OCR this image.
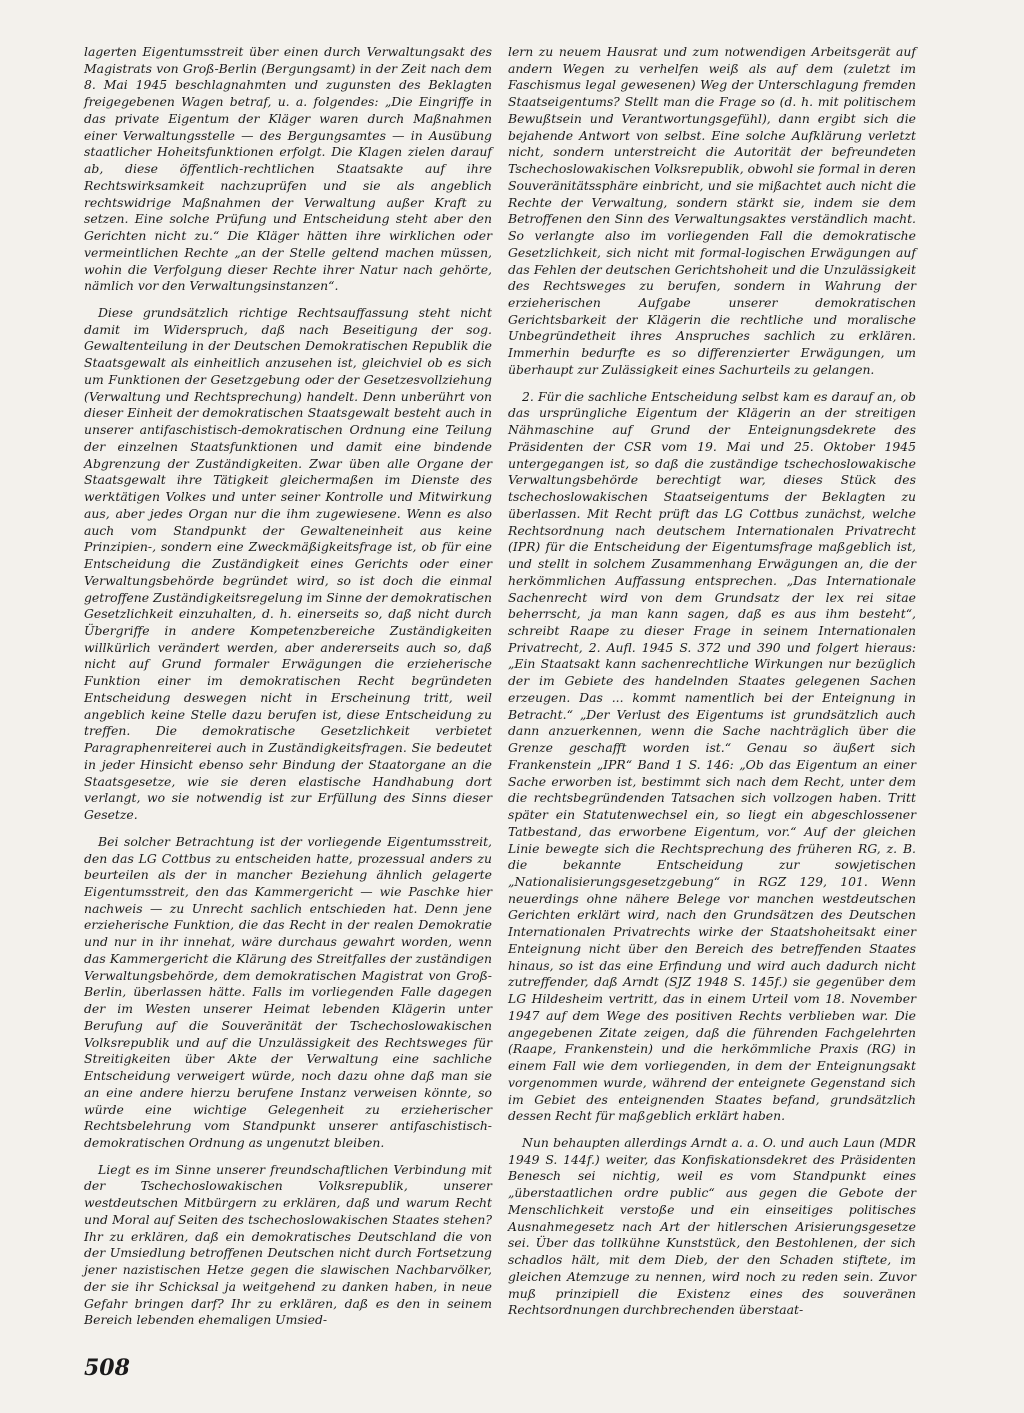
lagerten Eigentumsstreit über einen durch Verwaltungsakt des Magistrats von Groß-Berlin (Bergungsamt) in der Zeit nach dem 8. Mai 1945 beschlagnahmten und zugunsten des Beklagten freigegebenen Wagen betraf, u. a. folgendes: „Die Eingriffe in das private Eigentum der Kläger waren durch Maßnahmen einer Verwaltungsstelle — des Bergungsamtes — in Ausübung staatlicher Hoheitsfunktionen erfolgt. Die Klagen zielen darauf ab, diese öffentlich-rechtlichen Staatsakte auf ihre Rechtswirksamkeit nachzuprüfen und sie als angeblich rechtswidrige Maßnahmen der Verwaltung außer Kraft zu setzen. Eine solche Prüfung und Entscheidung steht aber den Gerichten nicht zu.“ Die Kläger hätten ihre wirklichen oder vermeintlichen Rechte „an der Stelle geltend machen müssen, wohin die Verfolgung dieser Rechte ihrer Natur nach gehörte, nämlich vor den Verwaltungsinstanzen“.

Diese grundsätzlich richtige Rechtsauffassung steht nicht damit im Widerspruch, daß nach Beseitigung der sog. Gewaltenteilung in der Deutschen Demokratischen Republik die Staatsgewalt als einheitlich anzusehen ist, gleichviel ob es sich um Funktionen der Gesetzgebung oder der Gesetzesvollziehung (Verwaltung und Rechtsprechung) handelt. Denn unberührt von dieser Einheit der demokratischen Staatsgewalt besteht auch in unserer antifaschistisch-demokratischen Ordnung eine Teilung der einzelnen Staatsfunktionen und damit eine bindende Abgrenzung der Zuständigkeiten. Zwar üben alle Organe der Staatsgewalt ihre Tätigkeit gleichermaßen im Dienste des werktätigen Volkes und unter seiner Kontrolle und Mitwirkung aus, aber jedes Organ nur die ihm zugewiesene. Wenn es also auch vom Standpunkt der Gewalteneinheit aus keine Prinzipien-, sondern eine Zweckmäßigkeitsfrage ist, ob für eine Entscheidung die Zuständigkeit eines Gerichts oder einer Verwaltungsbehörde begründet wird, so ist doch die einmal getroffene Zuständigkeitsregelung im Sinne der demokratischen Gesetzlichkeit einzuhalten, d. h. einerseits so, daß nicht durch Übergriffe in andere Kompetenzbereiche Zuständigkeiten willkürlich verändert werden, aber andererseits auch so, daß nicht auf Grund formaler Erwägungen die erzieherische Funktion einer im demokratischen Recht begründeten Entscheidung deswegen nicht in Erscheinung tritt, weil angeblich keine Stelle dazu berufen ist, diese Entscheidung zu treffen. Die demokratische Gesetzlichkeit verbietet Paragraphenreiterei auch in Zuständigkeitsfragen. Sie bedeutet in jeder Hinsicht ebenso sehr Bindung der Staatorgane an die Staatsgesetze, wie sie deren elastische Handhabung dort verlangt, wo sie notwendig ist zur Erfüllung des Sinns dieser Gesetze.

Bei solcher Betrachtung ist der vorliegende Eigentumsstreit, den das LG Cottbus zu entscheiden hatte, prozessual anders zu beurteilen als der in mancher Beziehung ähnlich gelagerte Eigentumsstreit, den das Kammergericht — wie Paschke hier nachweis — zu Unrecht sachlich entschieden hat. Denn jene erzieherische Funktion, die das Recht in der realen Demokratie und nur in ihr innehat, wäre durchaus gewahrt worden, wenn das Kammergericht die Klärung des Streitfalles der zuständigen Verwaltungsbehörde, dem demokratischen Magistrat von Groß-Berlin, überlassen hätte. Falls im vorliegenden Falle dagegen der im Westen unserer Heimat lebenden Klägerin unter Berufung auf die Souveränität der Tschechoslowakischen Volksrepublik und auf die Unzulässigkeit des Rechtsweges für Streitigkeiten über Akte der Verwaltung eine sachliche Entscheidung verweigert würde, noch dazu ohne daß man sie an eine andere hierzu berufene Instanz verweisen könnte, so würde eine wichtige Gelegenheit zu erzieherischer Rechtsbelehrung vom Standpunkt unserer antifaschistisch-demokratischen Ordnung as ungenutzt bleiben.

Liegt es im Sinne unserer freundschaftlichen Verbindung mit der Tschechoslowakischen Volksrepublik, unserer westdeutschen Mitbürgern zu erklären, daß und warum Recht und Moral auf Seiten des tschechoslowakischen Staates stehen? Ihr zu erklären, daß ein demokratisches Deutschland die von der Umsiedlung betroffenen Deutschen nicht durch Fortsetzung jener nazistischen Hetze gegen die slawischen Nachbarvölker, der sie ihr Schicksal ja weitgehend zu danken haben, in neue Gefahr bringen darf? Ihr zu erklären, daß es den in seinem Bereich lebenden ehemaligen Umsied-

lern zu neuem Hausrat und zum notwendigen Arbeitsgerät auf andern Wegen zu verhelfen weiß als auf dem (zuletzt im Faschismus legal gewesenen) Weg der Unterschlagung fremden Staatseigentums? Stellt man die Frage so (d. h. mit politischem Bewußtsein und Verantwortungsgefühl), dann ergibt sich die bejahende Antwort von selbst. Eine solche Aufklärung verletzt nicht, sondern unterstreicht die Autorität der befreundeten Tschechoslowakischen Volksrepublik, obwohl sie formal in deren Souveränitätssphäre einbricht, und sie mißachtet auch nicht die Rechte der Verwaltung, sondern stärkt sie, indem sie dem Betroffenen den Sinn des Verwaltungsaktes verständlich macht. So verlangte also im vorliegenden Fall die demokratische Gesetzlichkeit, sich nicht mit formal-logischen Erwägungen auf das Fehlen der deutschen Gerichtshoheit und die Unzulässigkeit des Rechtsweges zu berufen, sondern in Wahrung der erzieherischen Aufgabe unserer demokratischen Gerichtsbarkeit der Klägerin die rechtliche und moralische Unbegründetheit ihres Anspruches sachlich zu erklären. Immerhin bedurfte es so differenzierter Erwägungen, um überhaupt zur Zulässigkeit eines Sachurteils zu gelangen.

2. Für die sachliche Entscheidung selbst kam es darauf an, ob das ursprüngliche Eigentum der Klägerin an der streitigen Nähmaschine auf Grund der Enteignungsdekrete des Präsidenten der CSR vom 19. Mai und 25. Oktober 1945 untergegangen ist, so daß die zuständige tschechoslowakische Verwaltungsbehörde berechtigt war, dieses Stück des tschechoslowakischen Staatseigentums der Beklagten zu überlassen. Mit Recht prüft das LG Cottbus zunächst, welche Rechtsordnung nach deutschem Internationalen Privatrecht (IPR) für die Entscheidung der Eigentumsfrage maßgeblich ist, und stellt in solchem Zusammenhang Erwägungen an, die der herkömmlichen Auffassung entsprechen. „Das Internationale Sachenrecht wird von dem Grundsatz der lex rei sitae beherrscht, ja man kann sagen, daß es aus ihm besteht“, schreibt Raape zu dieser Frage in seinem Internationalen Privatrecht, 2. Aufl. 1945 S. 372 und 390 und folgert hieraus: „Ein Staatsakt kann sachenrechtliche Wirkungen nur bezüglich der im Gebiete des handelnden Staates gelegenen Sachen erzeugen. Das ... kommt namentlich bei der Enteignung in Betracht.“ „Der Verlust des Eigentums ist grundsätzlich auch dann anzuerkennen, wenn die Sache nachträglich über die Grenze geschafft worden ist.“ Genau so äußert sich Frankenstein „IPR“ Band 1 S. 146: „Ob das Eigentum an einer Sache erworben ist, bestimmt sich nach dem Recht, unter dem die rechtsbegründenden Tatsachen sich vollzogen haben. Tritt später ein Statutenwechsel ein, so liegt ein abgeschlossener Tatbestand, das erworbene Eigentum, vor.“ Auf der gleichen Linie bewegte sich die Rechtsprechung des früheren RG, z. B. die bekannte Entscheidung zur sowjetischen „Nationalisierungsgesetzgebung“ in RGZ 129, 101. Wenn neuerdings ohne nähere Belege vor manchen westdeutschen Gerichten erklärt wird, nach den Grundsätzen des Deutschen Internationalen Privatrechts wirke der Staatshoheitsakt einer Enteignung nicht über den Bereich des betreffenden Staates hinaus, so ist das eine Erfindung und wird auch dadurch nicht zutreffender, daß Arndt (SJZ 1948 S. 145f.) sie gegenüber dem LG Hildesheim vertritt, das in einem Urteil vom 18. November 1947 auf dem Wege des positiven Rechts verblieben war. Die angegebenen Zitate zeigen, daß die führenden Fachgelehrten (Raape, Frankenstein) und die herkömmliche Praxis (RG) in einem Fall wie dem vorliegenden, in dem der Enteignungsakt vorgenommen wurde, während der enteignete Gegenstand sich im Gebiet des enteignenden Staates befand, grundsätzlich dessen Recht für maßgeblich erklärt haben.

Nun behaupten allerdings Arndt a. a. O. und auch Laun (MDR 1949 S. 144f.) weiter, das Konfiskationsdekret des Präsidenten Benesch sei nichtig, weil es vom Standpunkt eines „überstaatlichen ordre public“ aus gegen die Gebote der Menschlichkeit verstoße und ein einseitiges politisches Ausnahmegesetz nach Art der hitlerschen Arisierungsgesetze sei. Über das tollkühne Kunststück, den Bestohlenen, der sich schadlos hält, mit dem Dieb, der den Schaden stiftete, im gleichen Atemzuge zu nennen, wird noch zu reden sein. Zuvor muß prinzipiell die Existenz eines des souveränen Rechtsordnungen durchbrechenden überstaat-

508
